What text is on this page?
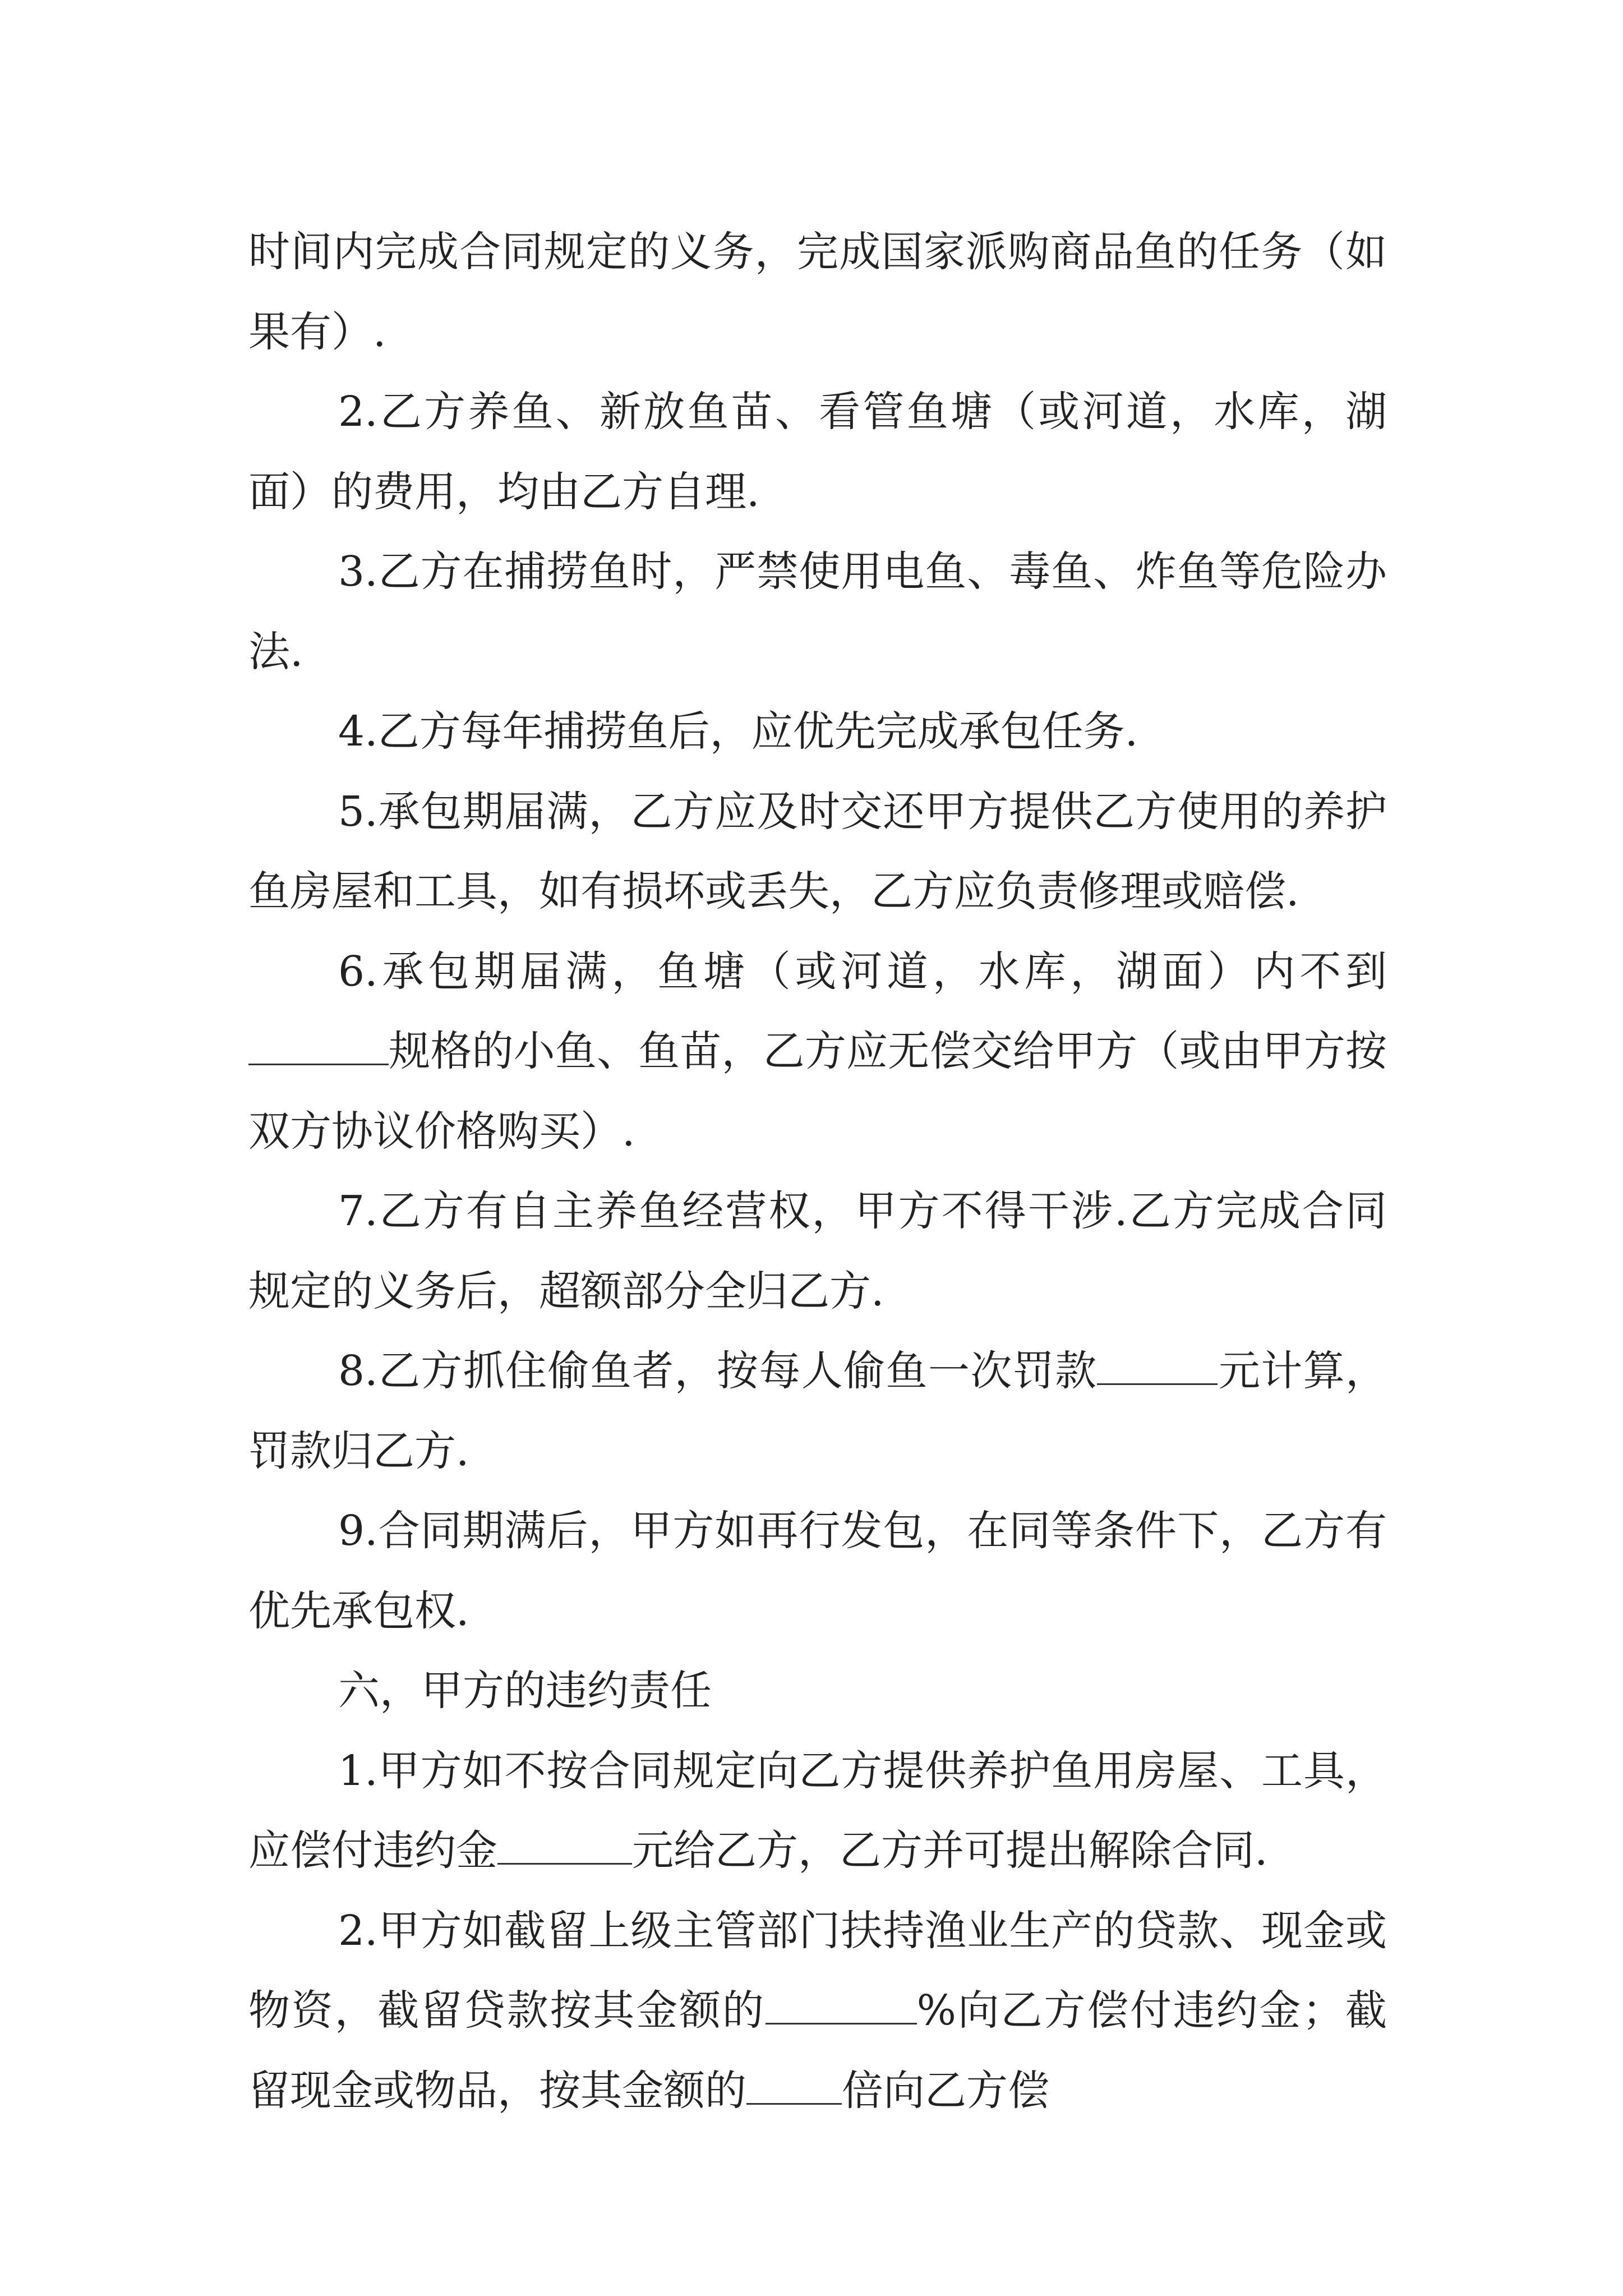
时间内完成合同规定的义务，完成国家派购商品鱼的任务（如果有）.

2.乙方养鱼、新放鱼苗、看管鱼塘（或河道，水库，湖面）的费用，均由乙方自理.

3.乙方在捕捞鱼时，严禁使用电鱼、毒鱼、炸鱼等危险办法.

4.乙方每年捕捞鱼后，应优先完成承包任务.

5.承包期届满，乙方应及时交还甲方提供乙方使用的养护鱼房屋和工具，如有损坏或丢失，乙方应负责修理或赔偿.

6.承包期届满，鱼塘（或河道，水库，湖面）内不到规格的小鱼、鱼苗，乙方应无偿交给甲方（或由甲方按双方协议价格购买）.

7.乙方有自主养鱼经营权，甲方不得干涉.乙方完成合同规定的义务后，超额部分全归乙方.

8.乙方抓住偷鱼者，按每人偷鱼一次罚款	元计算，罚款归乙方.

9.合同期满后，甲方如再行发包，在同等条件下，乙方有优先承包权.

六，甲方的违约责任

1.甲方如不按合同规定向乙方提供养护鱼用房屋、工具，应偿付违约金	元给乙方，乙方并可提出解除合同.

2.甲方如截留上级主管部门扶持渔业生产的贷款、现金或物资，截留贷款按其金额的	%向乙方偿付违约金；截留现金或物品，按其金额的 倍向乙方偿
